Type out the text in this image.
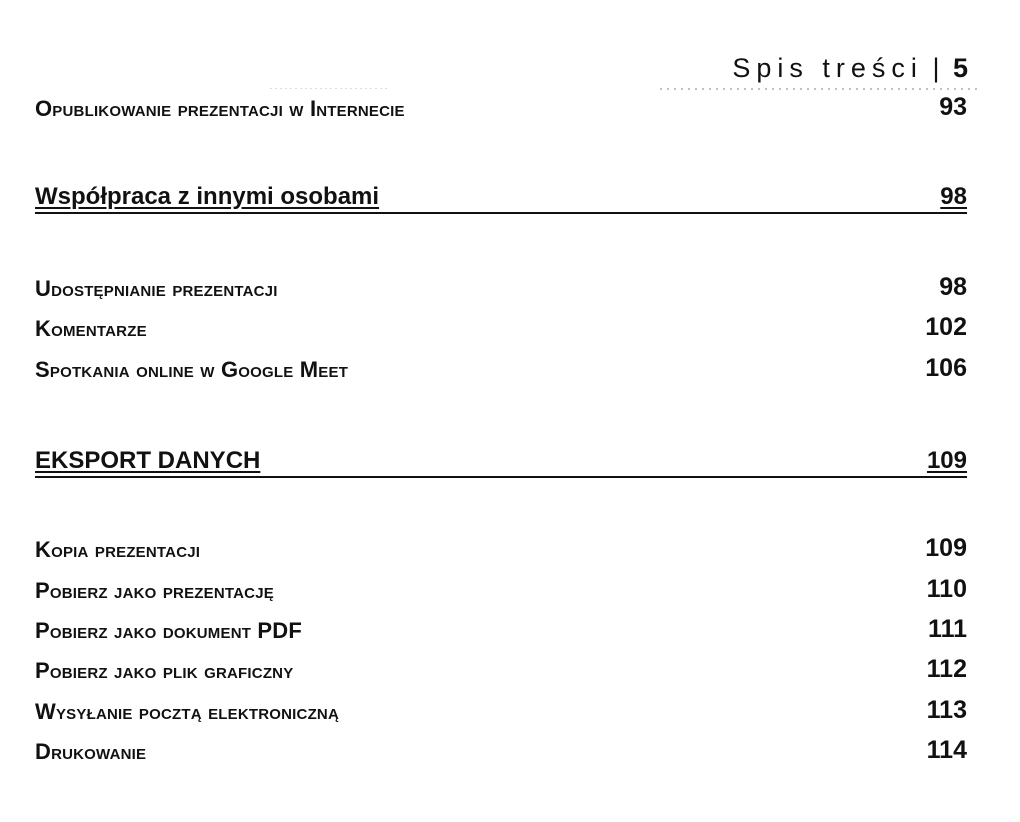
Spis treści | 5
Opublikowanie prezentacji w Internecie	93
Współpraca z innymi osobami	98
Udostępnianie prezentacji	98
Komentarze	102
Spotkania online w Google Meet	106
EKSPORT DANYCH	109
Kopia prezentacji	109
Pobierz jako prezentację	110
Pobierz jako dokument PDF	111
Pobierz jako plik graficzny	112
Wysyłanie pocztą elektroniczną	113
Drukowanie	114
